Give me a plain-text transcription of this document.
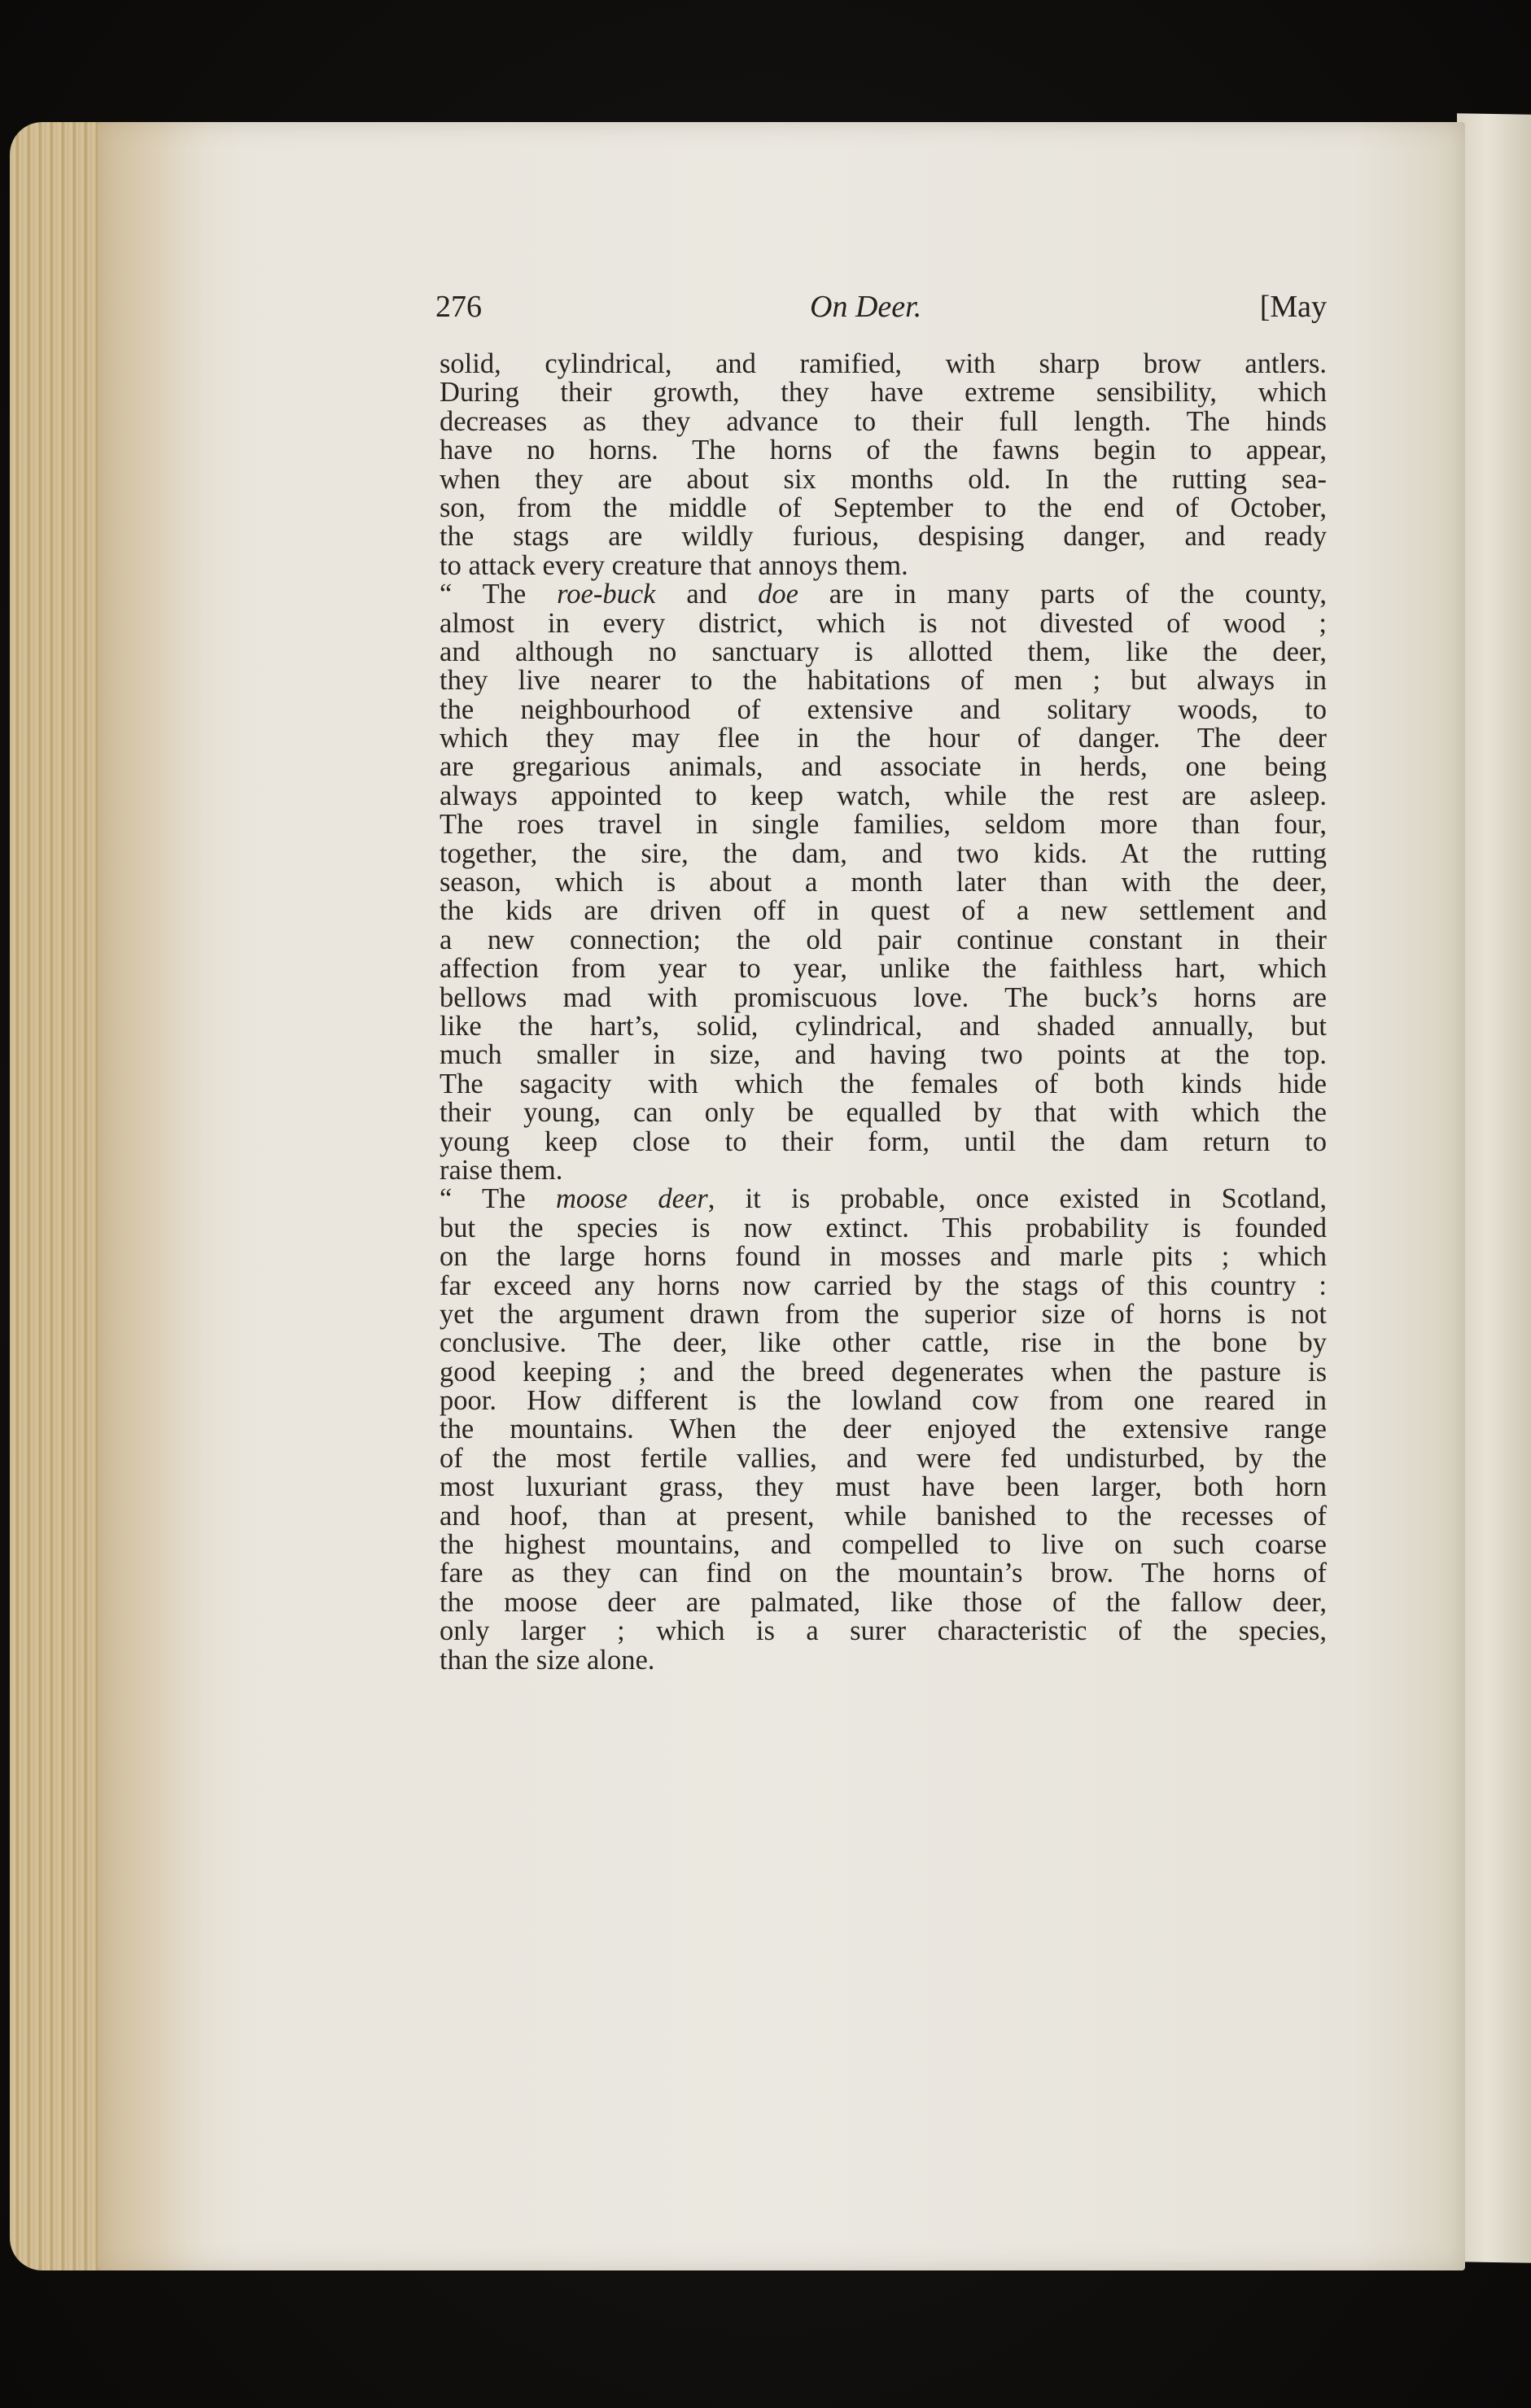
276	On Deer.	[May
solid, cylindrical, and ramified, with sharp brow antlers.
During their growth, they have extreme sensibility, which
decreases as they advance to their full length. The hinds
have no horns. The horns of the fawns begin to appear,
when they are about six months old. In the rutting sea-
son, from the middle of September to the end of October,
the stags are wildly furious, despising danger, and ready
to attack every creature that annoys them.
“ The roe-buck and doe are in many parts of the county,
almost in every district, which is not divested of wood ;
and although no sanctuary is allotted them, like the deer,
they live nearer to the habitations of men ; but always in
the neighbourhood of extensive and solitary woods, to
which they may flee in the hour of danger. The deer
are gregarious animals, and associate in herds, one being
always appointed to keep watch, while the rest are asleep.
The roes travel in single families, seldom more than four,
together, the sire, the dam, and two kids. At the rutting
season, which is about a month later than with the deer,
the kids are driven off in quest of a new settlement and
a new connection; the old pair continue constant in their
affection from year to year, unlike the faithless hart, which
bellows mad with promiscuous love. The buck’s horns are
like the hart’s, solid, cylindrical, and shaded annually, but
much smaller in size, and having two points at the top.
The sagacity with which the females of both kinds hide
their young, can only be equalled by that with which the
young keep close to their form, until the dam return to
raise them.
“ The moose deer, it is probable, once existed in Scotland,
but the species is now extinct. This probability is founded
on the large horns found in mosses and marle pits ; which
far exceed any horns now carried by the stags of this country :
yet the argument drawn from the superior size of horns is not
conclusive. The deer, like other cattle, rise in the bone by
good keeping ; and the breed degenerates when the pasture is
poor. How different is the lowland cow from one reared in
the mountains. When the deer enjoyed the extensive range
of the most fertile vallies, and were fed undisturbed, by the
most luxuriant grass, they must have been larger, both horn
and hoof, than at present, while banished to the recesses of
the highest mountains, and compelled to live on such coarse
fare as they can find on the mountain’s brow. The horns of
the moose deer are palmated, like those of the fallow deer,
only larger ; which is a surer characteristic of the species,
than the size alone.
